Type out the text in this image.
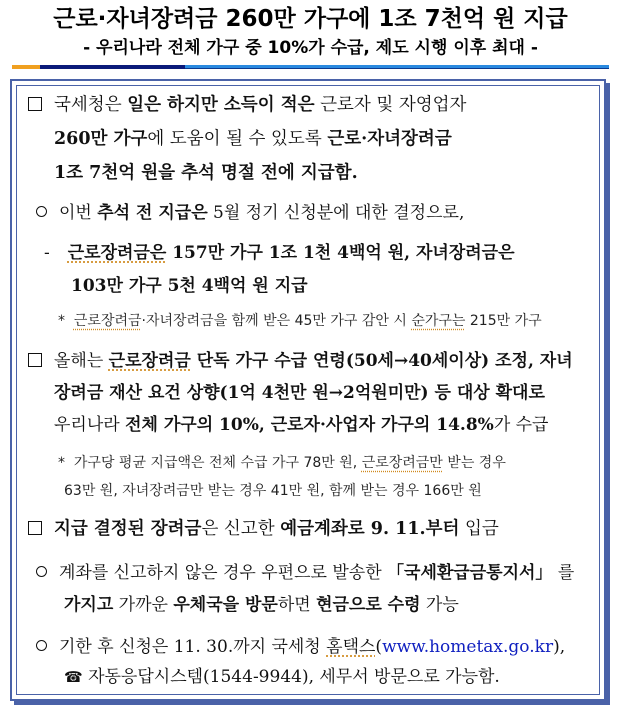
근로·자녀장려금 260만 가구에 1조 7천억 원 지급
- 우리나라 전체 가구 중 10%가 수급, 제도 시행 이후 최대 -
국세청은 일은 하지만 소득이 적은 근로자 및 자영업자
260만 가구에 도움이 될 수 있도록 근로·자녀장려금
1조 7천억 원을 추석 명절 전에 지급함.
이번 추석 전 지급은 5월 정기 신청분에 대한 결정으로,
- 근로장려금은 157만 가구 1조 1천 4백억 원, 자녀장려금은
103만 가구 5천 4백억 원 지급
* 근로장려금·자녀장려금을 함께 받은 45만 가구 감안 시 순가구는 215만 가구
올해는 근로장려금 단독 가구 수급 연령(50세→40세이상) 조정, 자녀
장려금 재산 요건 상향(1억 4천만 원→2억원미만) 등 대상 확대로
우리나라 전체 가구의 10%, 근로자·사업자 가구의 14.8%가 수급
* 가구당 평균 지급액은 전체 수급 가구 78만 원, 근로장려금만 받는 경우
63만 원, 자녀장려금만 받는 경우 41만 원, 함께 받는 경우 166만 원
지급 결정된 장려금은 신고한 예금계좌로 9. 11.부터 입금
계좌를 신고하지 않은 경우 우편으로 발송한 「국세환급금통지서」 를
가지고 가까운 우체국을 방문하면 현금으로 수령 가능
기한 후 신청은 11. 30.까지 국세청 홈택스(www.hometax.go.kr),
☎ 자동응답시스템(1544-9944), 세무서 방문으로 가능함.
